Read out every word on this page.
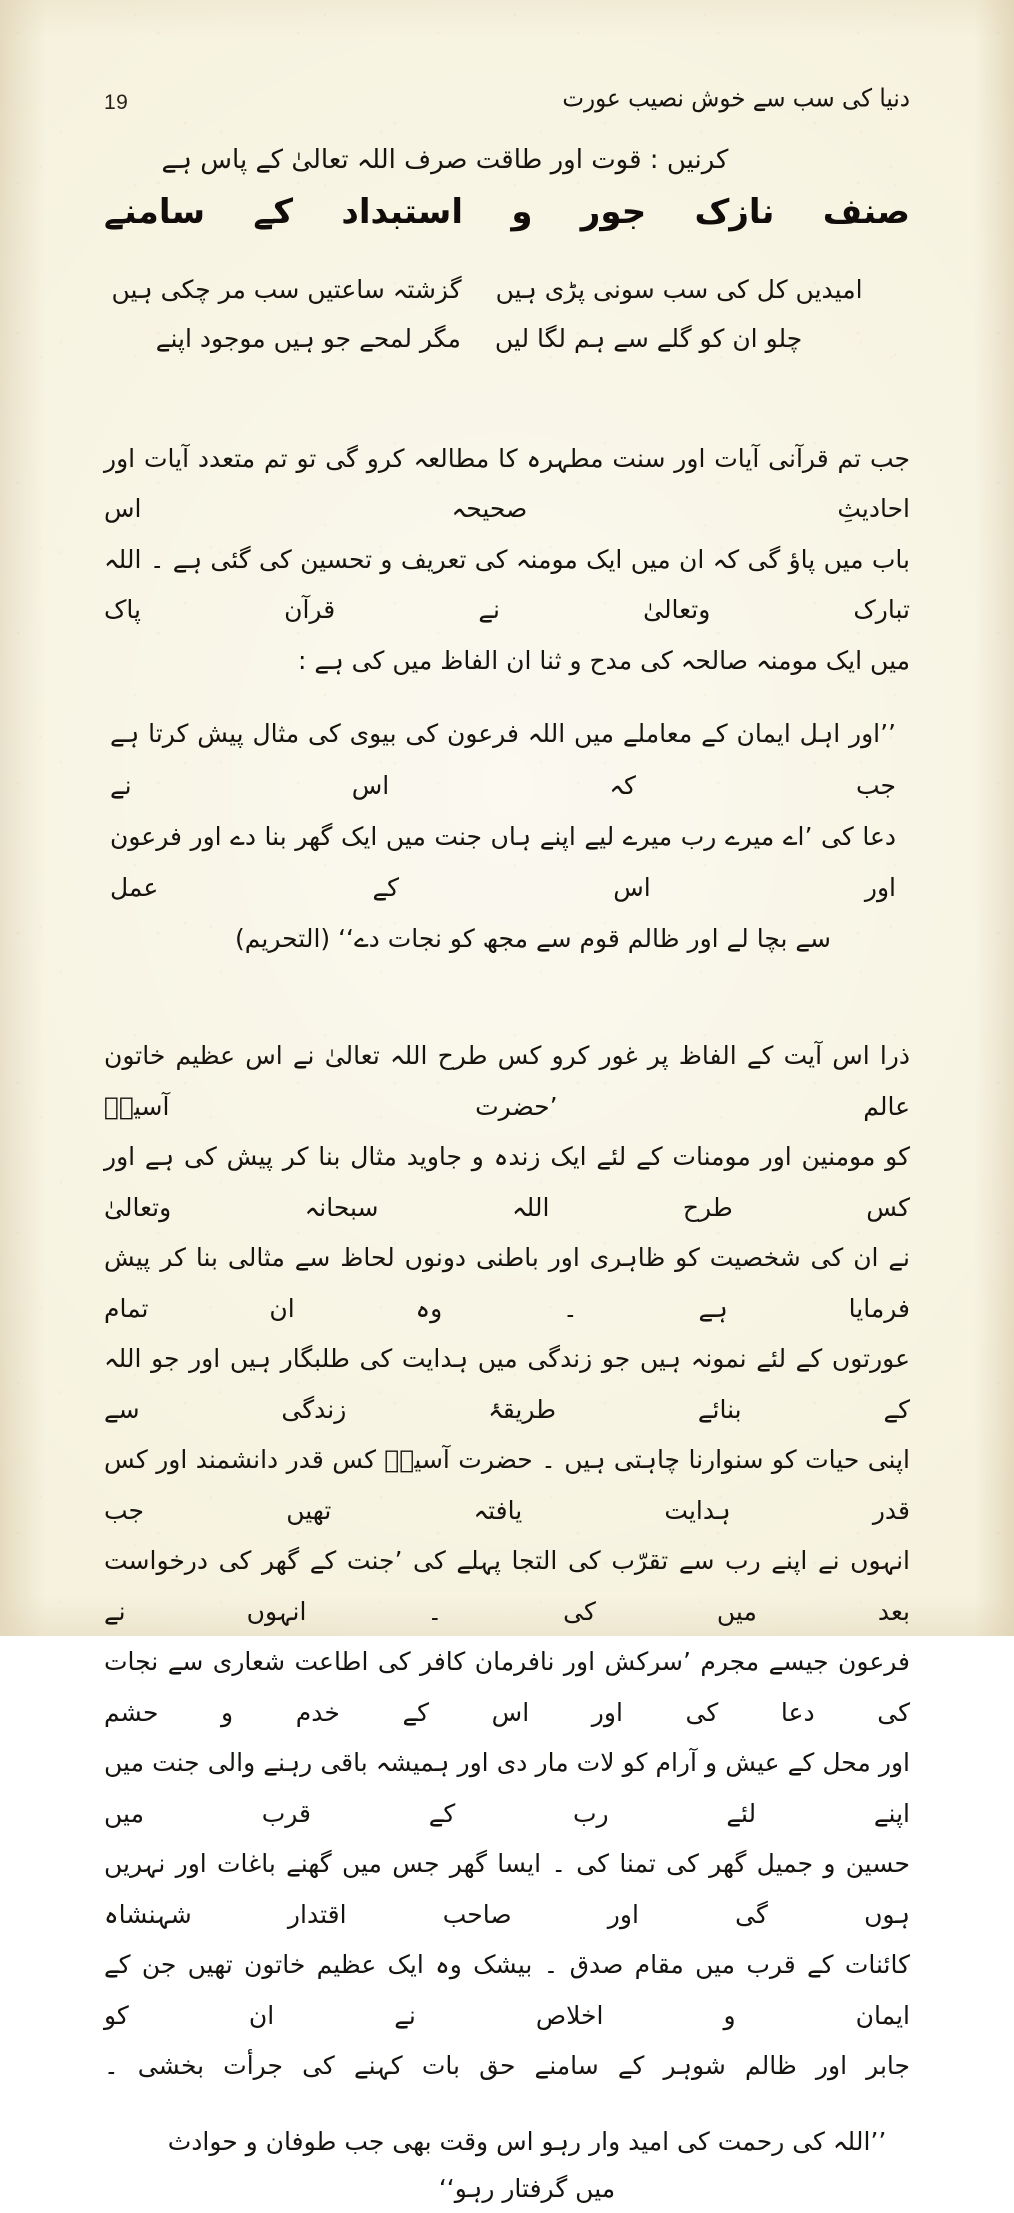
دنیا کی سب سے خوش نصیب عورت
19
کرنیں : قوت اور طاقت صرف اللہ تعالیٰ کے پاس ہے
صنف نازک جور و استبداد کے سامنے
امیدیں کل کی سب سونی پڑی ہیں
گزشتہ ساعتیں سب مر چکی ہیں
چلو ان کو گلے سے ہم لگا لیں
مگر لمحے جو ہیں موجود اپنے
جب تم قرآنی آیات اور سنت مطہرہ کا مطالعہ کرو گی تو تم متعدد آیات اور احادیثِ صحیحہ اس
باب میں پاؤ گی کہ ان میں ایک مومنہ کی تعریف و تحسین کی گئی ہے ۔ اللہ تبارک وتعالیٰ نے قرآن پاک
میں ایک مومنہ صالحہ کی مدح و ثنا ان الفاظ میں کی ہے :
’’اور اہل ایمان کے معاملے میں اللہ فرعون کی بیوی کی مثال پیش کرتا ہے جب کہ اس نے
دعا کی ’اے میرے رب میرے لیے اپنے ہاں جنت میں ایک گھر بنا دے اور فرعون اور اس کے عمل
سے بچا لے اور ظالم قوم سے مجھ کو نجات دے‘‘ (التحریم)
ذرا اس آیت کے الفاظ پر غور کرو کس طرح اللہ تعالیٰ نے اس عظیم خاتون عالم ’حضرت آسیہؓ
کو مومنین اور مومنات کے لئے ایک زندہ و جاوید مثال بنا کر پیش کی ہے اور کس طرح اللہ سبحانہ وتعالیٰ
نے ان کی شخصیت کو ظاہری اور باطنی دونوں لحاظ سے مثالی بنا کر پیش فرمایا ہے ۔ وہ ان تمام
عورتوں کے لئے نمونہ ہیں جو زندگی میں ہدایت کی طلبگار ہیں اور جو اللہ کے بنائے طریقۂ زندگی سے
اپنی حیات کو سنوارنا چاہتی ہیں ۔ حضرت آسیہؓ کس قدر دانشمند اور کس قدر ہدایت یافتہ تھیں جب
انہوں نے اپنے رب سے تقرّب کی التجا پہلے کی ’جنت کے گھر کی درخواست بعد میں کی ۔ انہوں نے
فرعون جیسے مجرم ’سرکش اور نافرمان کافر کی اطاعت شعاری سے نجات کی دعا کی اور اس کے خدم و حشم
اور محل کے عیش و آرام کو لات مار دی اور ہمیشہ باقی رہنے والی جنت میں اپنے لئے رب کے قرب میں
حسین و جمیل گھر کی تمنا کی ۔ ایسا گھر جس میں گھنے باغات اور نہریں ہوں گی اور صاحب اقتدار شہنشاہ
کائنات کے قرب میں مقام صدق ۔ بیشک وہ ایک عظیم خاتون تھیں جن کے ایمان و اخلاص نے ان کو
جابر اور ظالم شوہر کے سامنے حق بات کہنے کی جرأت بخشی ۔
’’اللہ کی رحمت کی امید وار رہو اس وقت بھی جب طوفان و حوادث میں گرفتار رہو‘‘
